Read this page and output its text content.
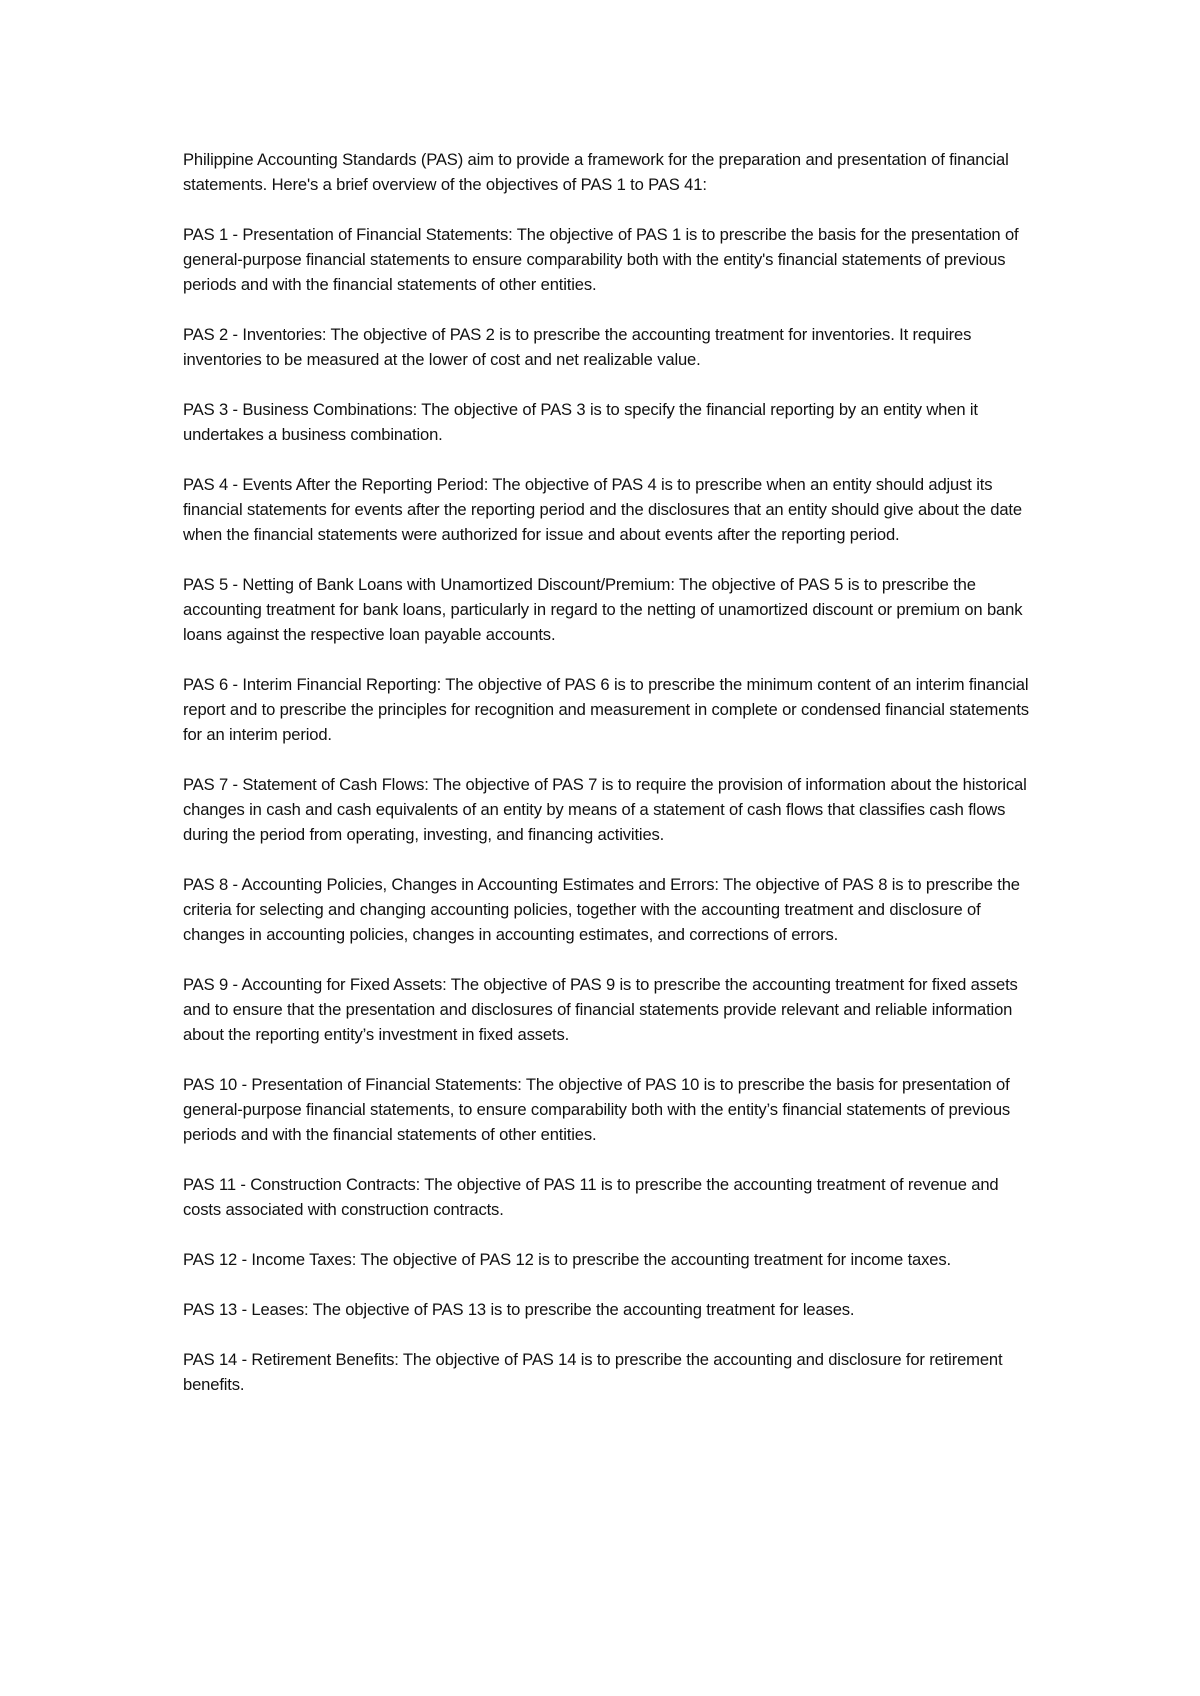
Philippine Accounting Standards (PAS) aim to provide a framework for the preparation and presentation of financial statements. Here's a brief overview of the objectives of PAS 1 to PAS 41:

PAS 1 - Presentation of Financial Statements: The objective of PAS 1 is to prescribe the basis for the presentation of general-purpose financial statements to ensure comparability both with the entity's financial statements of previous periods and with the financial statements of other entities.

PAS 2 - Inventories: The objective of PAS 2 is to prescribe the accounting treatment for inventories. It requires inventories to be measured at the lower of cost and net realizable value.

PAS 3 - Business Combinations: The objective of PAS 3 is to specify the financial reporting by an entity when it undertakes a business combination.

PAS 4 - Events After the Reporting Period: The objective of PAS 4 is to prescribe when an entity should adjust its financial statements for events after the reporting period and the disclosures that an entity should give about the date when the financial statements were authorized for issue and about events after the reporting period.

PAS 5 - Netting of Bank Loans with Unamortized Discount/Premium: The objective of PAS 5 is to prescribe the accounting treatment for bank loans, particularly in regard to the netting of unamortized discount or premium on bank loans against the respective loan payable accounts.

PAS 6 - Interim Financial Reporting: The objective of PAS 6 is to prescribe the minimum content of an interim financial report and to prescribe the principles for recognition and measurement in complete or condensed financial statements for an interim period.

PAS 7 - Statement of Cash Flows: The objective of PAS 7 is to require the provision of information about the historical changes in cash and cash equivalents of an entity by means of a statement of cash flows that classifies cash flows during the period from operating, investing, and financing activities.

PAS 8 - Accounting Policies, Changes in Accounting Estimates and Errors: The objective of PAS 8 is to prescribe the criteria for selecting and changing accounting policies, together with the accounting treatment and disclosure of changes in accounting policies, changes in accounting estimates, and corrections of errors.

PAS 9 - Accounting for Fixed Assets: The objective of PAS 9 is to prescribe the accounting treatment for fixed assets and to ensure that the presentation and disclosures of financial statements provide relevant and reliable information about the reporting entity’s investment in fixed assets.

PAS 10 - Presentation of Financial Statements: The objective of PAS 10 is to prescribe the basis for presentation of general-purpose financial statements, to ensure comparability both with the entity’s financial statements of previous periods and with the financial statements of other entities.

PAS 11 - Construction Contracts: The objective of PAS 11 is to prescribe the accounting treatment of revenue and costs associated with construction contracts.

PAS 12 - Income Taxes: The objective of PAS 12 is to prescribe the accounting treatment for income taxes.

PAS 13 - Leases: The objective of PAS 13 is to prescribe the accounting treatment for leases.

PAS 14 - Retirement Benefits: The objective of PAS 14 is to prescribe the accounting and disclosure for retirement benefits.
